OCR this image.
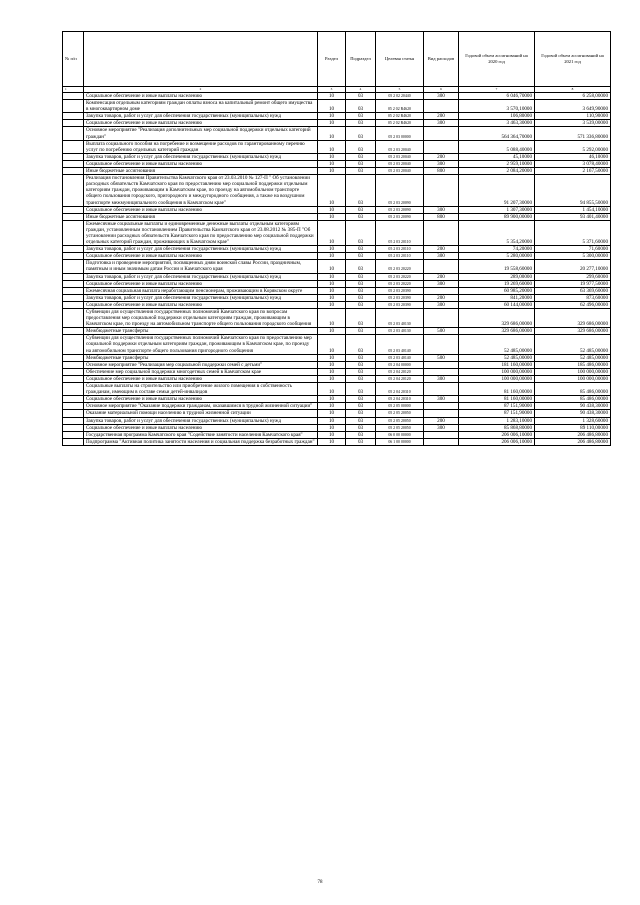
№ п/п		Раздел	Подраздел	Целевая статья	Вид расходов	Годовой объем ассигнований на 2020 год	Годовой объем ассигнований на 2021 год
1	2	3	4	5	6	7	8
	Социальное обеспечение и иные выплаты населению	10	03	05 2 02 20440	300	6 046,70000	6 258,00000
	Компенсация отдельным категориям граждан оплаты взноса на капитальный ремонт общего имущества в многоквартирном доме	10	03	05 2 02 R4620		3 570,10000	3 649,90000
	Закупка товаров, работ и услуг для обеспечения государственных (муниципальных) нужд	10	03	05 2 02 R4620	200	106,80000	110,90000
	Социальное обеспечение и иные выплаты населению	10	03	05 2 02 R4620	300	3 463,30000	3 539,00000
	Основное мероприятие "Реализация дополнительных мер социальной поддержки отдельных категорий граждан"	10	03	05 2 03 00000		564 364,70000	571 336,80000
	Выплата социального пособия на погребение и возмещение расходов по гарантированному перечню услуг по погребению отдельных категорий граждан	10	03	05 2 03 20040		5 088,40000	5 292,00000
	Закупка товаров, работ и услуг для обеспечения государственных (муниципальных) нужд	10	03	05 2 03 20040	200	45,10000	46,10000
	Социальное обеспечение и иные выплаты населению	10	03	05 2 03 20040	300	2 959,10000	3 078,40000
	Иные бюджетные ассигнования	10	03	05 2 03 20040	800	2 084,20000	2 167,50000
	Реализация постановления Правительства Камчатского края от 23.03.2010 № 127-П " Об установлении расходных обязательств Камчатского края по предоставлению мер социальной поддержки отдельным категориям граждан, проживающим в Камчатском крае, по проезду на автомобильном транспорте общего пользования городского, пригородного и междугородного сообщения, а также на воздушном транспорте межмуниципального сообщения в Камчатском крае"	10	03	05 2 03 20090		91 207,30000	94 855,50000
	Социальное обеспечение и иные выплаты населению	10	03	05 2 03 20090	300	1 307,30000	1 454,10000
	Иные бюджетные ассигнования	10	03	05 2 03 20090	800	89 900,00000	93 401,40000
	Ежемесячные социальные выплаты и единовременные денежные выплаты отдельным категориям граждан, установленным постановлением Правительства Камчатского края от 23.08.2012 № 385-П "Об установлении расходных обязательств Камчатского края по предоставлению мер социальной поддержки отдельных категорий граждан, проживающих в Камчатском крае"	10	03	05 2 03 20110		5 354,20000	5 371,60000
	Закупка товаров, работ и услуг для обеспечения государственных (муниципальных) нужд	10	03	05 2 03 20110	200	74,20000	71,60000
	Социальное обеспечение и иные выплаты населению	10	03	05 2 03 20110	300	5 280,00000	5 300,00000
	Подготовка и проведение мероприятий, посвященных дням воинской славы России, праздничным, памятным и иным значимым датам России и Камчатского края	10	03	05 2 03 20220		19 558,60000	20 277,10000
	Закупка товаров, работ и услуг для обеспечения государственных (муниципальных) нужд	10	03	05 2 03 20220	200	289,00000	299,60000
	Социальное обеспечение и иные выплаты населению	10	03	05 2 03 20220	300	19 269,60000	19 977,50000
	Ежемесячная социальная выплата неработающим пенсионерам, проживающим в Корякском округе	10	03	05 2 03 20390		60 985,20000	63 369,60000
	Закупка товаров, работ и услуг для обеспечения государственных (муниципальных) нужд	10	03	05 2 03 20390	200	841,20000	873,60000
	Социальное обеспечение и иные выплаты населению	10	03	05 2 03 20390	300	60 144,00000	62 496,00000
	Субвенции для осуществления государственных полномочий Камчатского края по вопросам предоставления мер социальной поддержки отдельным категориям граждан, проживающим в Камчатском крае, по проезду на автомобильном транспорте общего пользования городского сообщения	10	03	05 2 03 40130		329 686,00000	329 686,00000
	Межбюджетные трансферты	10	03	05 2 03 40130	500	329 686,00000	329 686,00000
	Субвенции для осуществления государственных полномочий Камчатского края по предоставлению мер социальной поддержки отдельным категориям граждан, проживающим в Камчатском крае, по проезду на автомобильном транспорте общего пользования пригородного сообщения	10	03	05 2 03 40140		52 485,00000	52 485,00000
	Межбюджетные трансферты	10	03	05 2 03 40140	500	52 485,00000	52 485,00000
	Основное мероприятие "Реализация мер социальной поддержки семей с детьми"	10	03	05 2 04 00000		181 160,00000	185 486,00000
	Обеспечение мер социальной поддержки многодетных семей в Камчатском крае	10	03	05 2 04 20120		100 000,00000	100 000,00000
	Социальное обеспечение и иные выплаты населению	10	03	05 2 04 20120	300	100 000,00000	100 000,00000
	Социальные выплаты на строительство или приобретение жилого помещения в собственность гражданам, имеющим в составе семьи детей-инвалидов	10	03	05 2 04 20310		81 160,00000	85 486,00000
	Социальное обеспечение и иные выплаты населению	10	03	05 2 04 20310	300	81 160,00000	85 486,00000
	Основное мероприятие "Оказание поддержки гражданам, оказавшимся в трудной жизненной ситуации"	10	03	05 2 05 00000		87 151,90000	90 438,30000
	Оказание материальной помощи населению в трудной жизненной ситуации	10	03	05 2 05 20050		87 151,90000	90 438,30000
	Закупка товаров, работ и услуг для обеспечения государственных (муниципальных) нужд	10	03	05 2 05 20050	200	1 283,10000	1 328,60000
	Социальное обеспечение и иные выплаты населению	10	03	05 2 05 20050	300	85 868,80000	89 110,00000
	Государственная программа Камчатского края "Содействие занятости населения Камчатского края"	10	03	06 0 00 00000		206 006,10000	206 486,80000
	Подпрограмма "Активная политика занятости населения и социальная поддержка безработных граждан"	10	03	06 1 00 00000		206 006,10000	206 486,80000
78
